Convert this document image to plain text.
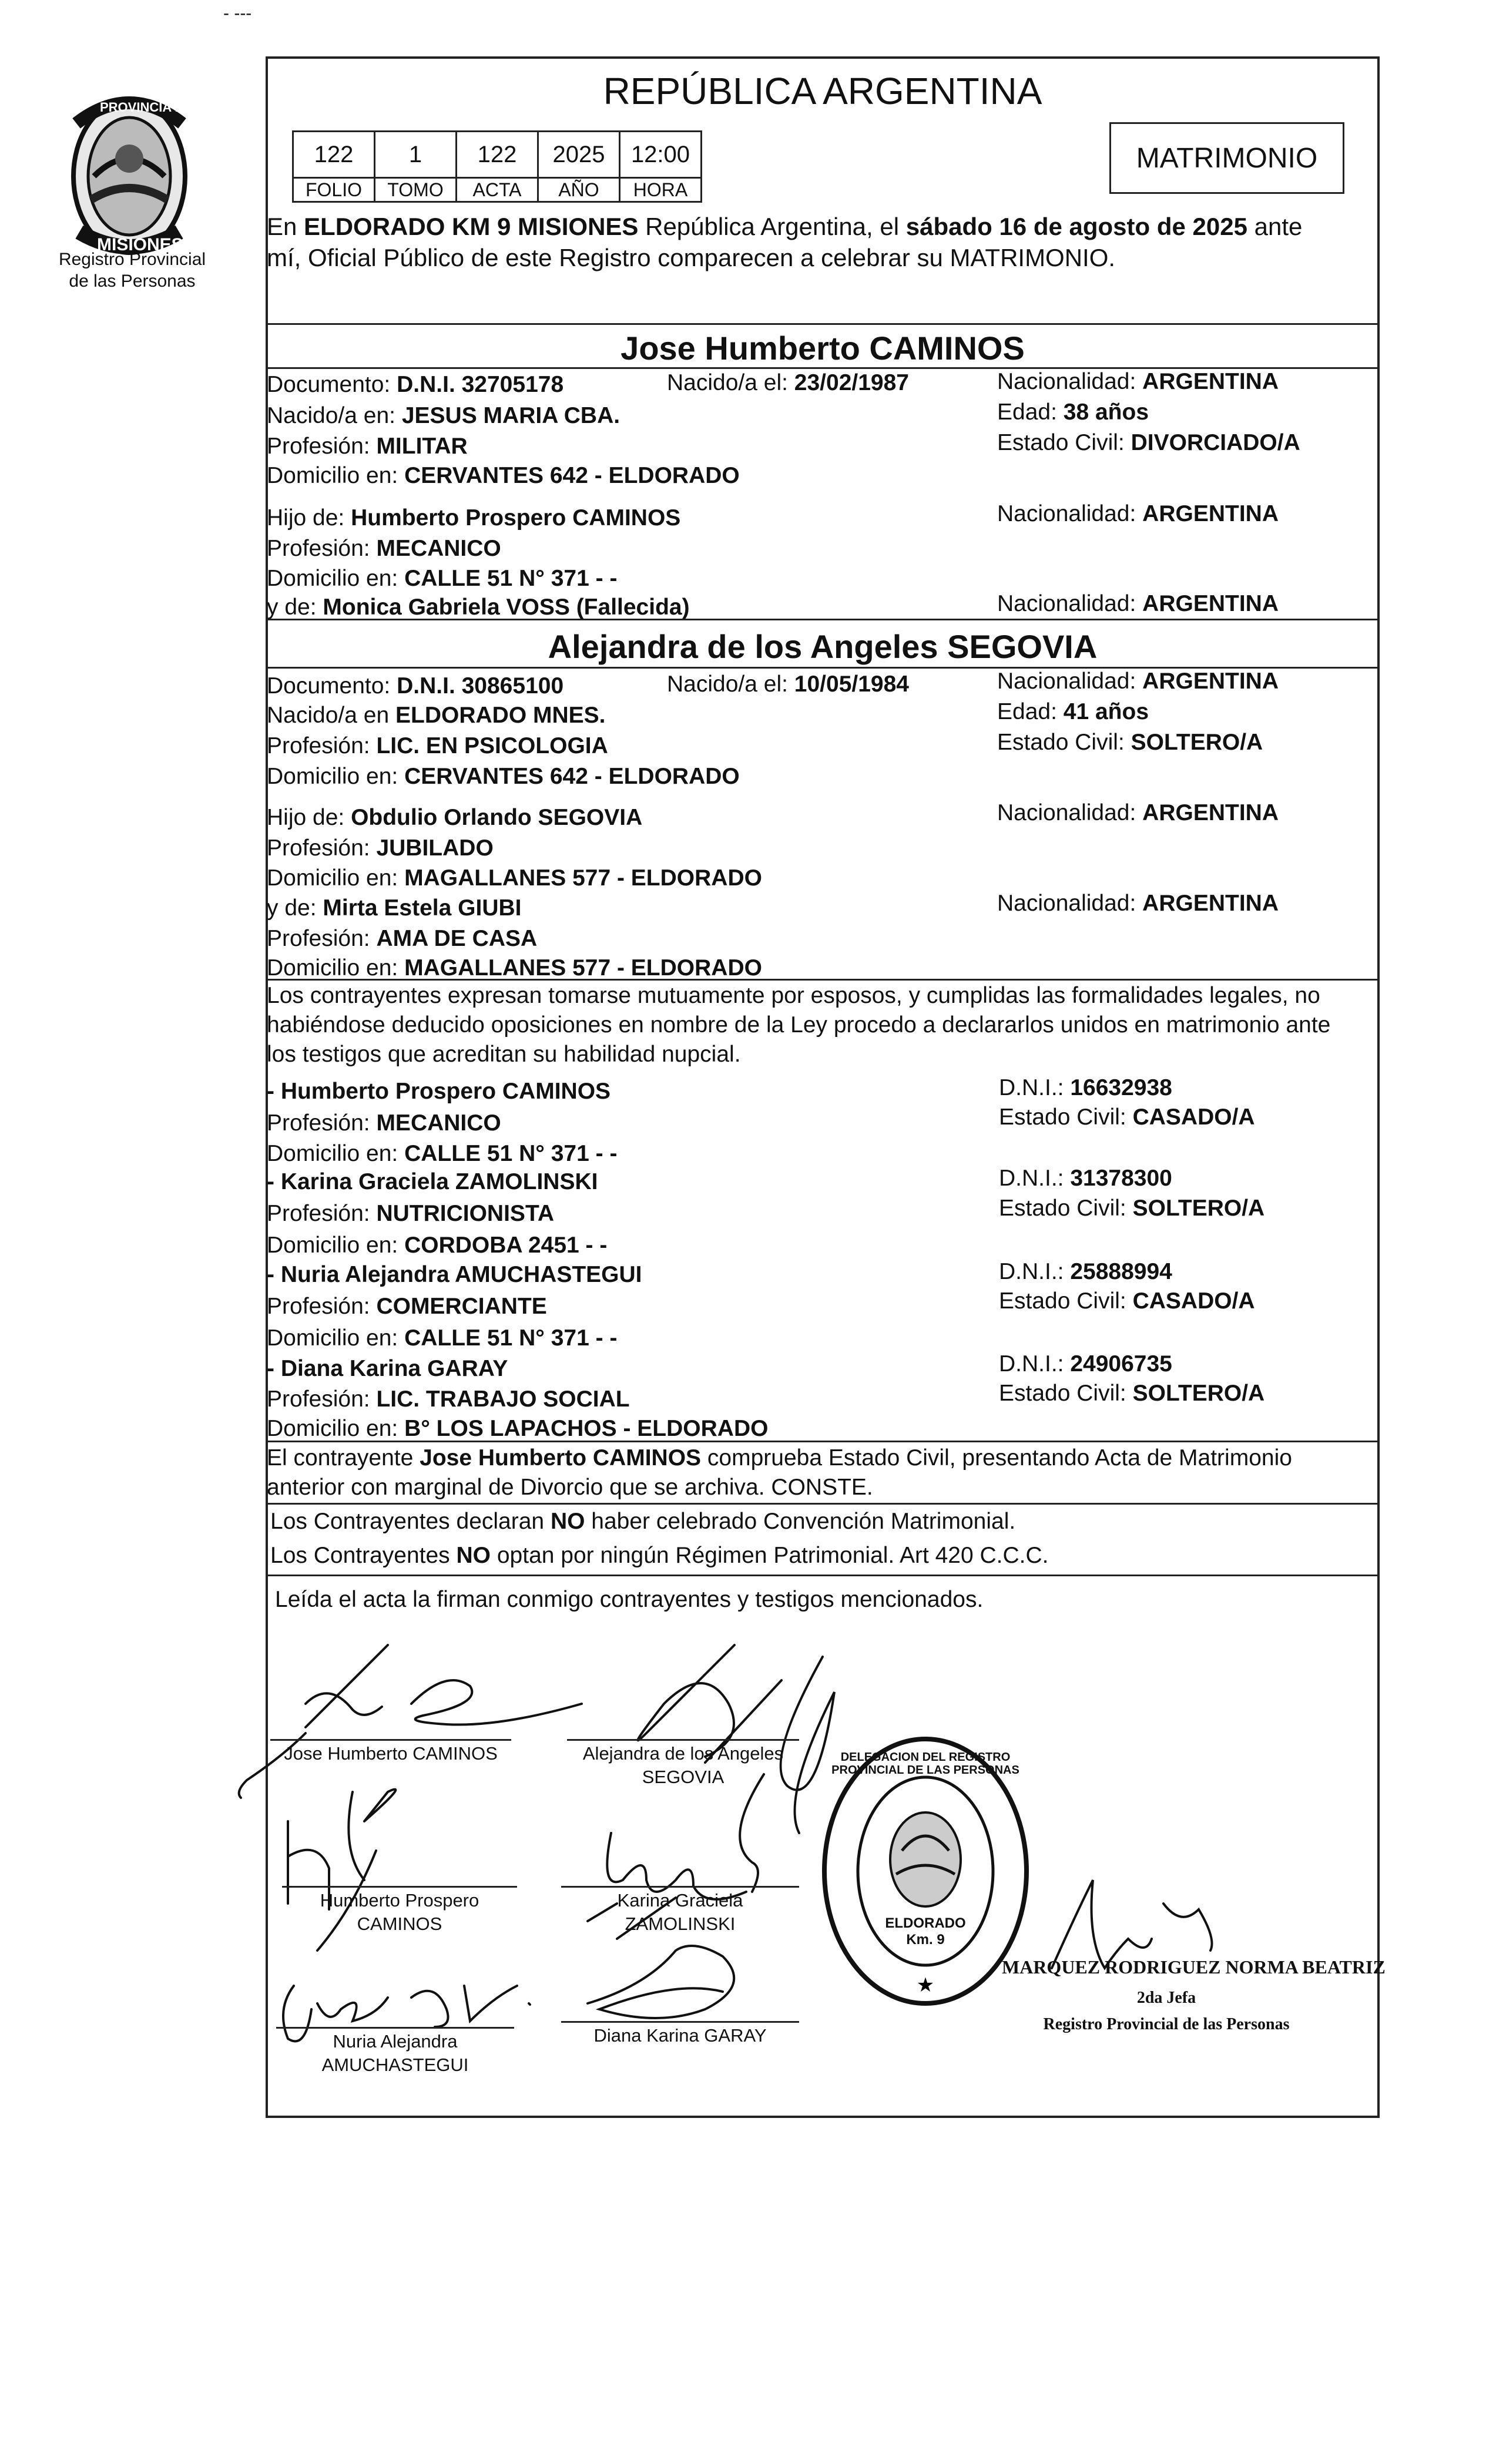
- ---
PROVINCIA DE
MISIONES
Registro Provincial
de las Personas
REPÚBLICA ARGENTINA
122	1	122	2025	12:00
FOLIO	TOMO	ACTA	AÑO	HORA
MATRIMONIO
En ELDORADO KM 9 MISIONES República Argentina, el sábado 16 de agosto de 2025 ante
mí, Oficial Público de este Registro comparecen a celebrar su MATRIMONIO.
Jose Humberto CAMINOS
Documento: D.N.I. 32705178	Nacido/a el: 23/02/1987	Nacionalidad: ARGENTINA
Nacido/a en: JESUS MARIA CBA.	Edad: 38 años
Profesión: MILITAR	Estado Civil: DIVORCIADO/A
Domicilio en: CERVANTES 642 - ELDORADO
Hijo de: Humberto Prospero CAMINOS	Nacionalidad: ARGENTINA
Profesión: MECANICO
Domicilio en: CALLE 51 N° 371 - -
y de: Monica Gabriela VOSS (Fallecida)	Nacionalidad: ARGENTINA
Alejandra de los Angeles SEGOVIA
Documento: D.N.I. 30865100	Nacido/a el: 10/05/1984	Nacionalidad: ARGENTINA
Nacido/a en ELDORADO MNES.	Edad: 41 años
Profesión: LIC. EN PSICOLOGIA	Estado Civil: SOLTERO/A
Domicilio en: CERVANTES 642 - ELDORADO
Hijo de: Obdulio Orlando SEGOVIA	Nacionalidad: ARGENTINA
Profesión: JUBILADO
Domicilio en: MAGALLANES 577 - ELDORADO
y de: Mirta Estela GIUBI	Nacionalidad: ARGENTINA
Profesión: AMA DE CASA
Domicilio en: MAGALLANES 577 - ELDORADO
Los contrayentes expresan tomarse mutuamente por esposos, y cumplidas las formalidades legales, no
habiéndose deducido oposiciones en nombre de la Ley procedo a declararlos unidos en matrimonio ante
los testigos que acreditan su habilidad nupcial.
- Humberto Prospero CAMINOS	D.N.I.: 16632938
Profesión: MECANICO	Estado Civil: CASADO/A
Domicilio en: CALLE 51 N° 371 - -
- Karina Graciela ZAMOLINSKI	D.N.I.: 31378300
Profesión: NUTRICIONISTA	Estado Civil: SOLTERO/A
Domicilio en: CORDOBA 2451 - -
- Nuria Alejandra AMUCHASTEGUI	D.N.I.: 25888994
Profesión: COMERCIANTE	Estado Civil: CASADO/A
Domicilio en: CALLE 51 N° 371 - -
- Diana Karina GARAY	D.N.I.: 24906735
Profesión: LIC. TRABAJO SOCIAL	Estado Civil: SOLTERO/A
Domicilio en: B° LOS LAPACHOS - ELDORADO
El contrayente Jose Humberto CAMINOS comprueba Estado Civil, presentando Acta de Matrimonio
anterior con marginal de Divorcio que se archiva. CONSTE.
Los Contrayentes declaran NO haber celebrado Convención Matrimonial.
Los Contrayentes NO optan por ningún Régimen Patrimonial. Art 420 C.C.C.
Leída el acta la firman conmigo contrayentes y testigos mencionados.
Jose Humberto CAMINOS	Alejandra de los Angeles
SEGOVIA
Humberto Prospero
CAMINOS
Karina Graciela
ZAMOLINSKI
Nuria Alejandra
AMUCHASTEGUI
Diana Karina GARAY
★
DELEGACION DEL REGISTRO PROVINCIAL DE LAS PERSONAS
ELDORADO Km. 9
MARQUEZ RODRIGUEZ NORMA BEATRIZ
2da Jefa
Registro Provincial de las Personas
